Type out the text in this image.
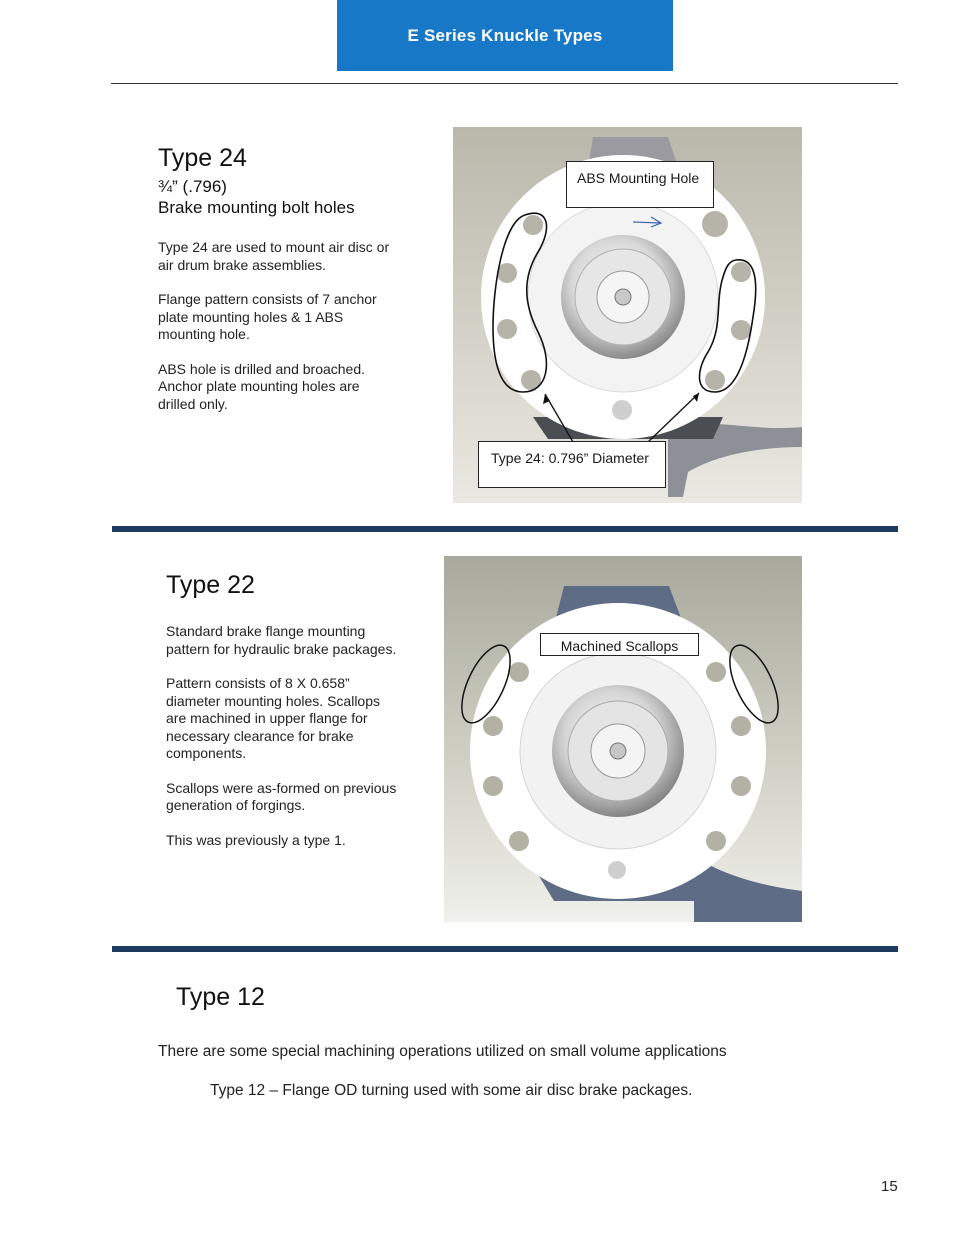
E Series Knuckle Types
Type 24
¾” (.796)
Brake mounting bolt holes

Type 24 are used to mount air disc or air drum brake assemblies.

Flange pattern consists of 7 anchor plate mounting holes & 1 ABS mounting hole.

ABS hole is drilled and broached. Anchor plate mounting holes are drilled only.

ABS Mounting Hole
Type 24: 0.796” Diameter
Type 22

Standard brake flange mounting pattern for hydraulic brake packages.

Pattern consists of 8 X 0.658” diameter mounting holes. Scallops are machined in upper flange for necessary clearance for brake components.

Scallops were as-formed on previous generation of forgings.

This was previously a type 1.

Machined Scallops
Type 12
There are some special machining operations utilized on small volume applications
Type 12 – Flange OD turning used with some air disc brake packages.
15
